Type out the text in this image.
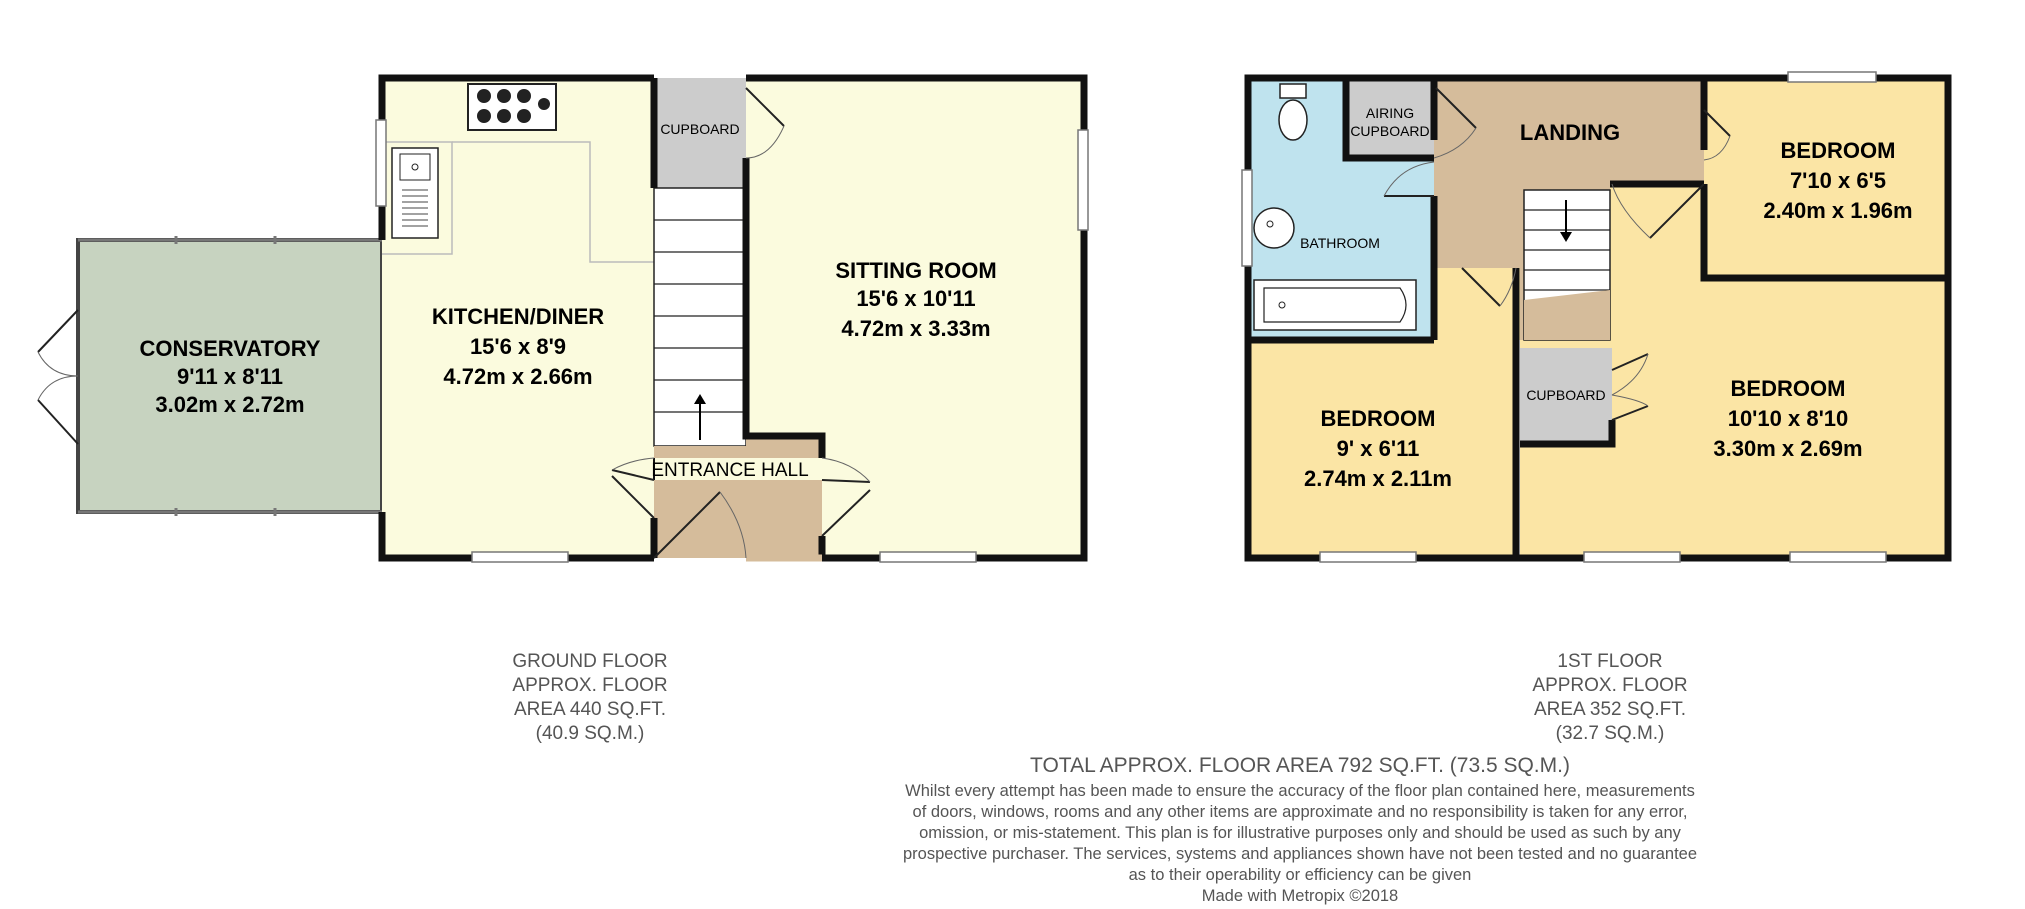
CONSERVATORY
9'11 x 8'11
3.02m x 2.72m
KITCHEN/DINER
15'6 x 8'9
4.72m x 2.66m
SITTING ROOM
15'6 x 10'11
4.72m x 3.33m
CUPBOARD
ENTRANCE HALL
AIRING
CUPBOARD	LANDING
BATHROOM
BEDROOM
7'10 x 6'5
2.40m x 1.96m
BEDROOM
9' x 6'11
2.74m x 2.11m
BEDROOM
10'10 x 8'10
3.30m x 2.69m
CUPBOARD
GROUND FLOOR
APPROX. FLOOR
AREA 440 SQ.FT.
(40.9 SQ.M.)
1ST FLOOR
APPROX. FLOOR
AREA 352 SQ.FT.
(32.7 SQ.M.)
TOTAL APPROX. FLOOR AREA 792 SQ.FT. (73.5 SQ.M.)
Whilst every attempt has been made to ensure the accuracy of the floor plan contained here, measurements
of doors, windows, rooms and any other items are approximate and no responsibility is taken for any error,
omission, or mis-statement. This plan is for illustrative purposes only and should be used as such by any
prospective purchaser. The services, systems and appliances shown have not been tested and no guarantee
as to their operability or efficiency can be given
Made with Metropix ©2018
